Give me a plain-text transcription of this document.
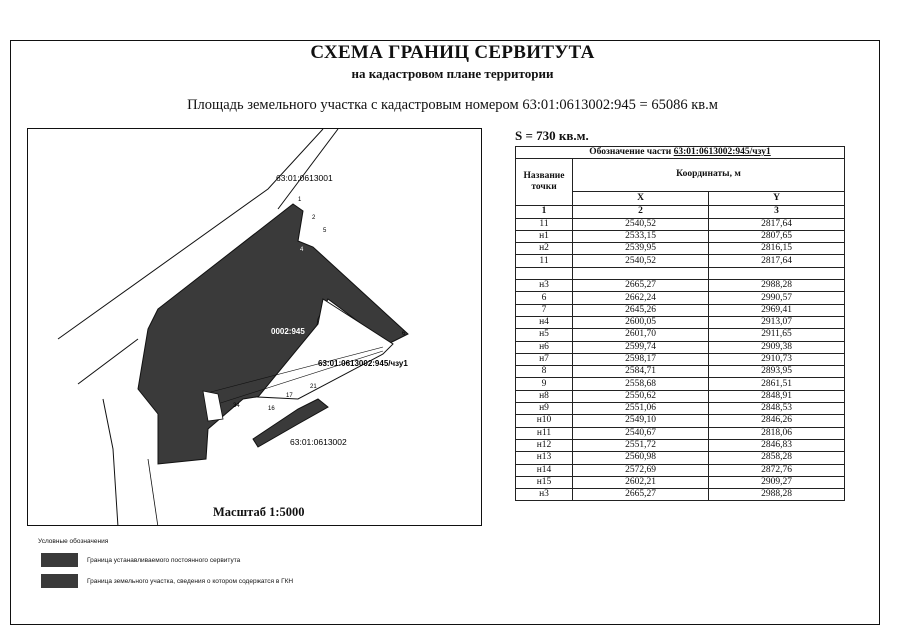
СХЕМА ГРАНИЦ СЕРВИТУТА
на кадастровом плане территории
Площадь земельного участка с кадастровым номером 63:01:0613002:945 = 65086 кв.м
63:01:0613001
0002:945
63:01:0613002:945/чзу1
63:01:0613002
1
2
5
4
6
21
17
16
34
Масштаб 1:5000
S = 730 кв.м.
Обозначение части 63:01:0613002:945/чзу1		
Название точки	Координаты, м	
	X	Y
1	2	3
11	2540,52	2817,64
н1	2533,15	2807,65
н2	2539,95	2816,15
11	2540,52	2817,64

н3	2665,27	2988,28
6	2662,24	2990,57
7	2645,26	2969,41
н4	2600,05	2913,07
н5	2601,70	2911,65
н6	2599,74	2909,38
н7	2598,17	2910,73
8	2584,71	2893,95
9	2558,68	2861,51
н8	2550,62	2848,91
н9	2551,06	2848,53
н10	2549,10	2846,26
н11	2540,67	2818,06
н12	2551,72	2846,83
н13	2560,98	2858,28
н14	2572,69	2872,76
н15	2602,21	2909,27
н3	2665,27	2988,28
Условные обозначения
Граница устанавливаемого постоянного сервитута
Граница земельного участка, сведения о котором содержатся в ГКН
